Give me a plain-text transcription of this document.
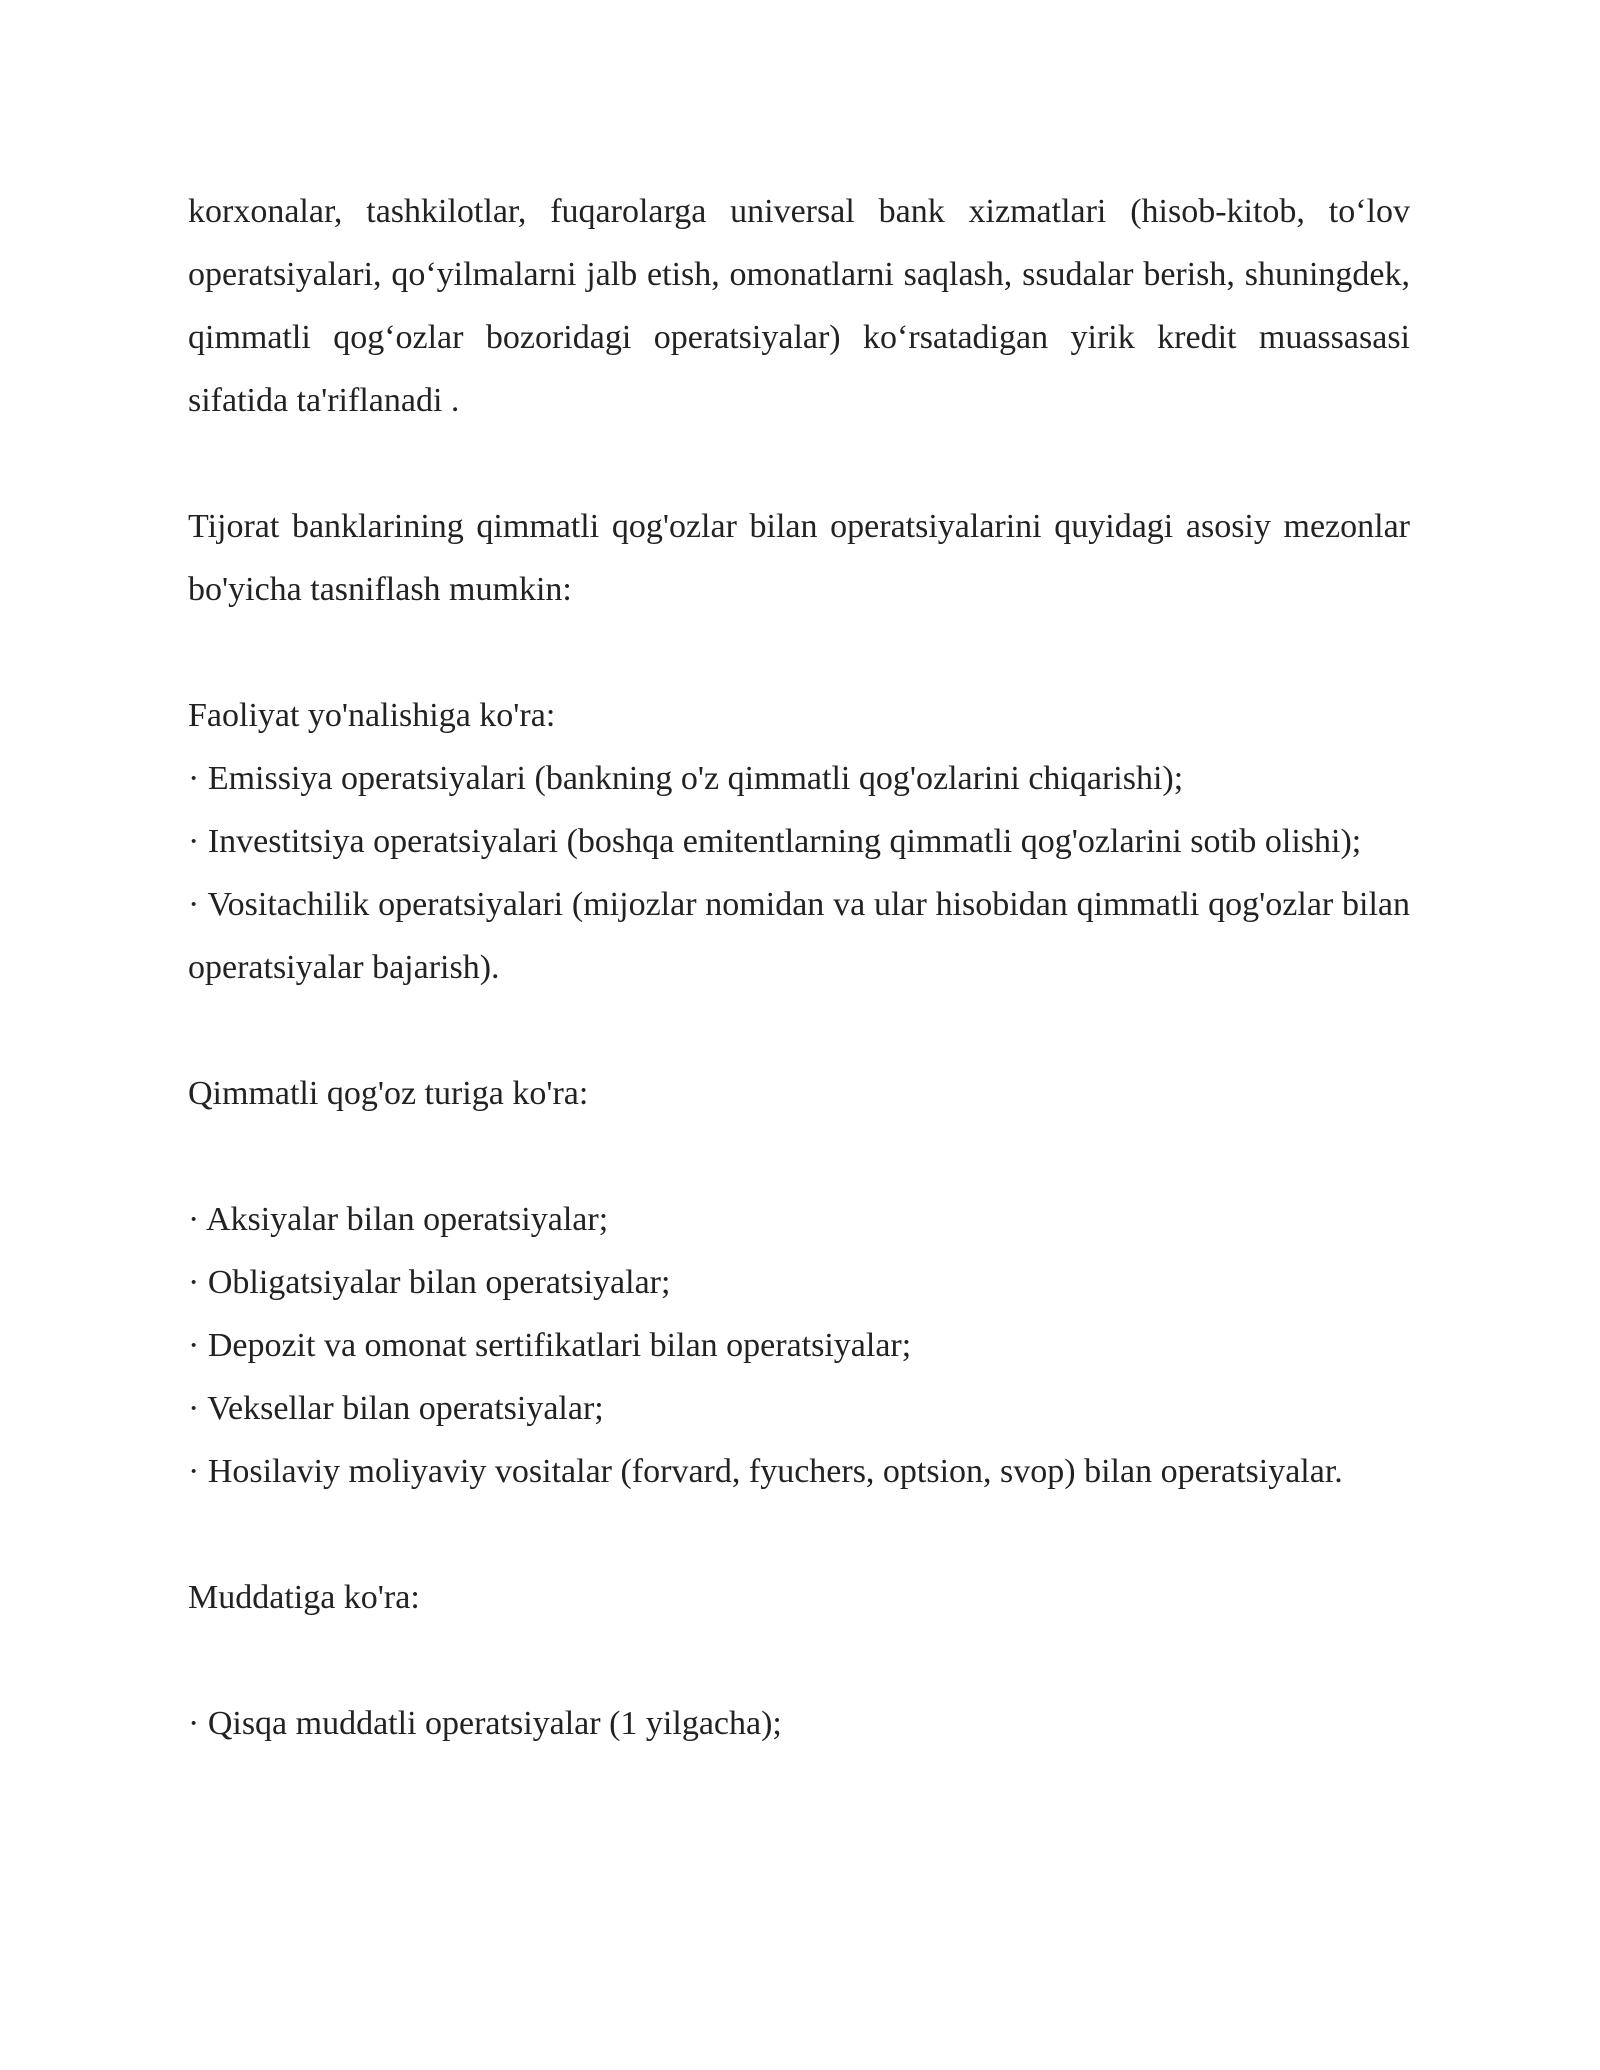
korxonalar, tashkilotlar, fuqarolarga universal bank xizmatlari (hisob-kitob, to‘lov operatsiyalari, qo‘yilmalarni jalb etish, omonatlarni saqlash, ssudalar berish, shuningdek, qimmatli qog‘ozlar bozoridagi operatsiyalar) ko‘rsatadigan yirik kredit muassasasi sifatida ta'riflanadi .

Tijorat banklarining qimmatli qog'ozlar bilan operatsiyalarini quyidagi asosiy mezonlar bo'yicha tasniflash mumkin:

Faoliyat yo'nalishiga ko'ra:

· Emissiya operatsiyalari (bankning o'z qimmatli qog'ozlarini chiqarishi);

· Investitsiya operatsiyalari (boshqa emitentlarning qimmatli qog'ozlarini sotib olishi);

· Vositachilik operatsiyalari (mijozlar nomidan va ular hisobidan qimmatli qog'ozlar bilan operatsiyalar bajarish).

Qimmatli qog'oz turiga ko'ra:

· Aksiyalar bilan operatsiyalar;

· Obligatsiyalar bilan operatsiyalar;

· Depozit va omonat sertifikatlari bilan operatsiyalar;

· Veksellar bilan operatsiyalar;

· Hosilaviy moliyaviy vositalar (forvard, fyuchers, optsion, svop) bilan operatsiyalar.

Muddatiga ko'ra:

· Qisqa muddatli operatsiyalar (1 yilgacha);
